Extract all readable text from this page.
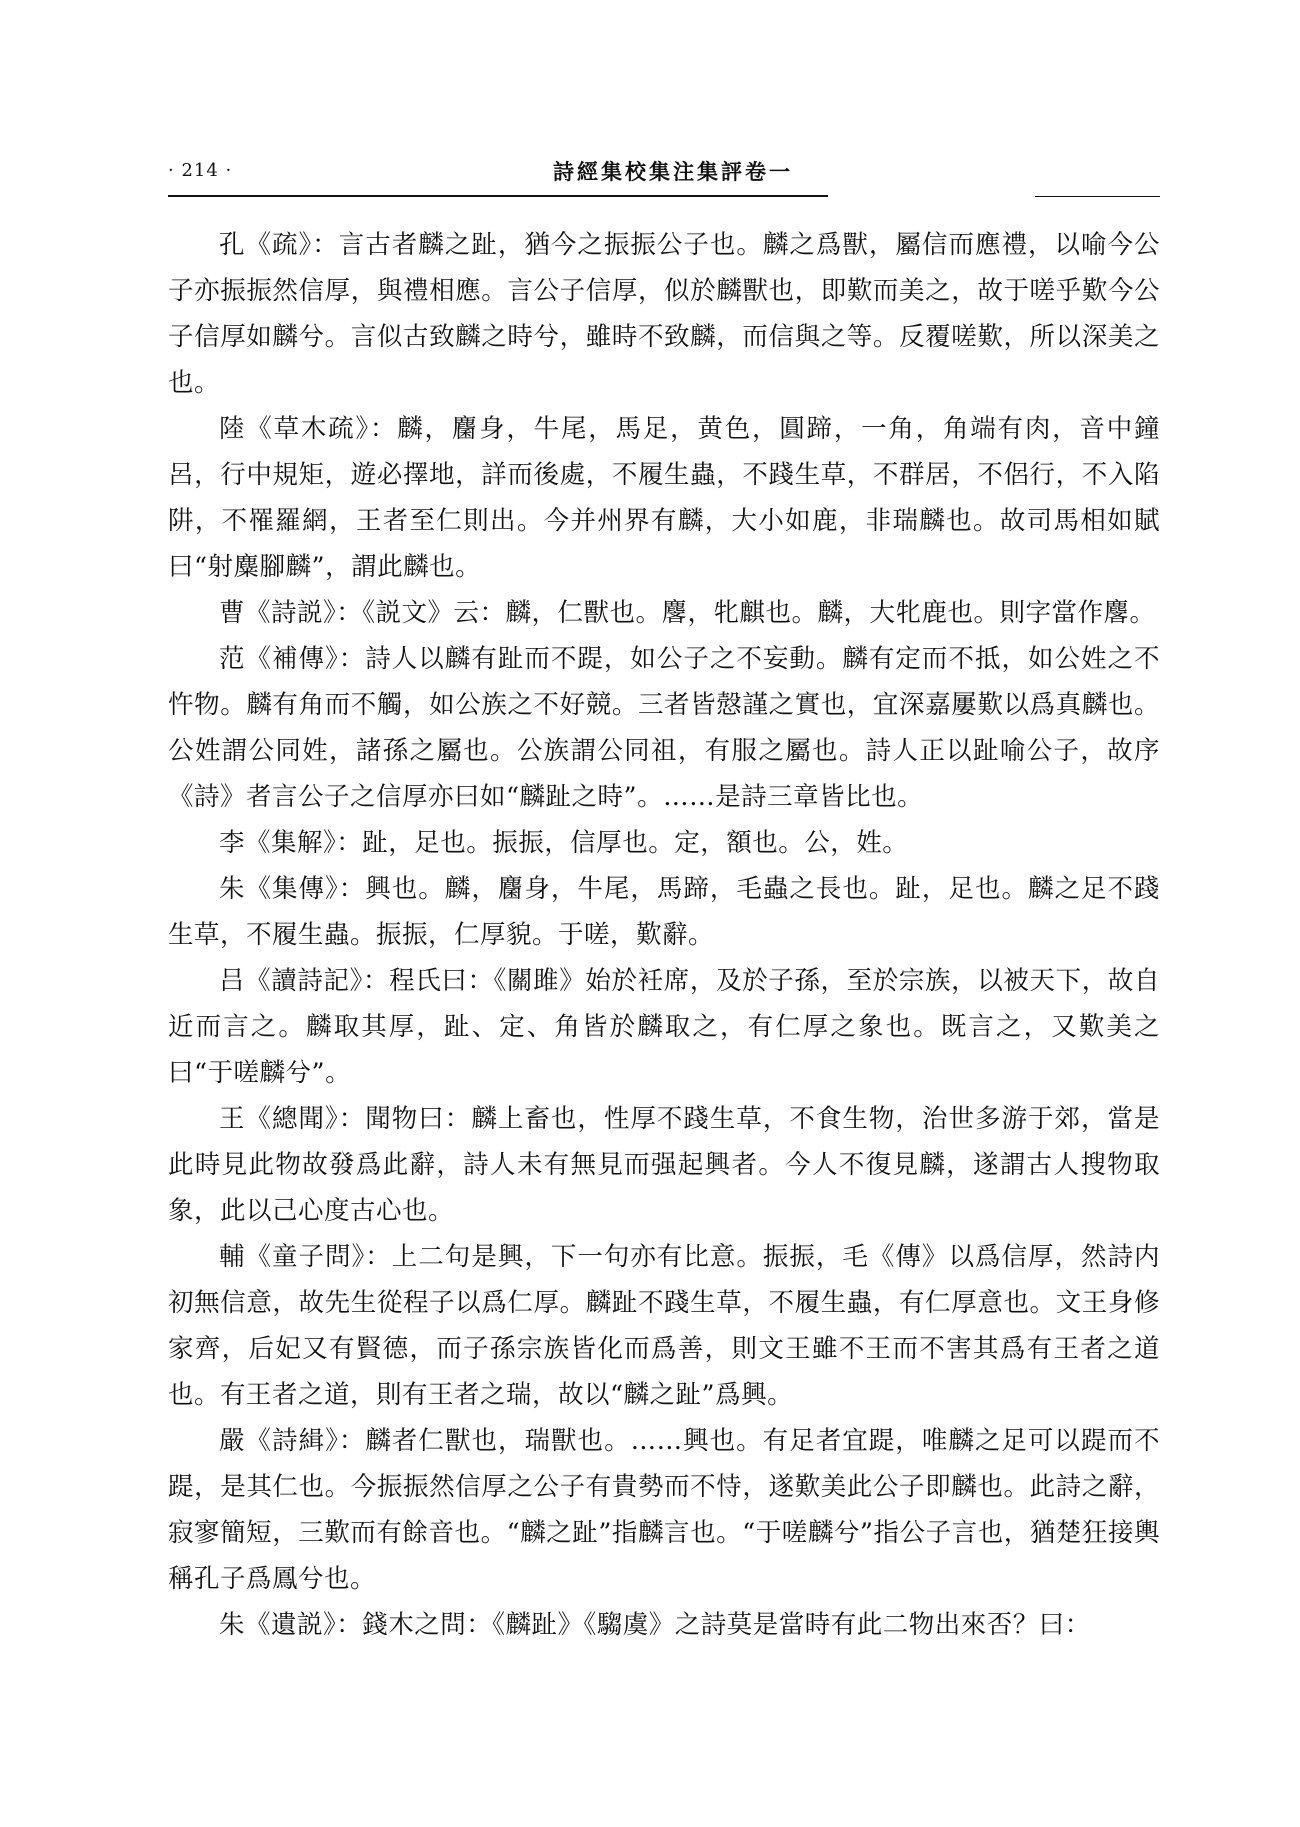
· 214 ·	詩經集校集注集評卷一

孔《疏》：言古者麟之趾，猶今之振振公子也。麟之爲獸，屬信而應禮，以喻今公子亦振振然信厚，與禮相應。言公子信厚，似於麟獸也，即歎而美之，故于嗟乎歎今公子信厚如麟兮。言似古致麟之時兮，雖時不致麟，而信與之等。反覆嗟歎，所以深美之也。

陸《草木疏》：麟，麕身，牛尾，馬足，黄色，圓蹄，一角，角端有肉，音中鐘呂，行中規矩，遊必擇地，詳而後處，不履生蟲，不踐生草，不群居，不侶行，不入陷阱，不罹羅網，王者至仁則出。今并州界有麟，大小如鹿，非瑞麟也。故司馬相如賦曰“射麋腳麟”，謂此麟也。

曹《詩説》：《説文》云：麟，仁獸也。麐，牝麒也。麟，大牝鹿也。則字當作麐。

范《補傳》：詩人以麟有趾而不踶，如公子之不妄動。麟有定而不抵，如公姓之不忤物。麟有角而不觸，如公族之不好競。三者皆慤謹之實也，宜深嘉屢歎以爲真麟也。公姓謂公同姓，諸孫之屬也。公族謂公同祖，有服之屬也。詩人正以趾喻公子，故序《詩》者言公子之信厚亦曰如“麟趾之時”。……是詩三章皆比也。

李《集解》：趾，足也。振振，信厚也。定，額也。公，姓。

朱《集傳》：興也。麟，麕身，牛尾，馬蹄，毛蟲之長也。趾，足也。麟之足不踐生草，不履生蟲。振振，仁厚貌。于嗟，歎辭。

吕《讀詩記》：程氏曰：《關雎》始於衽席，及於子孫，至於宗族，以被天下，故自近而言之。麟取其厚，趾、定、角皆於麟取之，有仁厚之象也。既言之，又歎美之曰“于嗟麟兮”。

王《總聞》：聞物曰：麟上畜也，性厚不踐生草，不食生物，治世多游于郊，當是此時見此物故發爲此辭，詩人未有無見而强起興者。今人不復見麟，遂謂古人搜物取象，此以己心度古心也。

輔《童子問》：上二句是興，下一句亦有比意。振振，毛《傳》以爲信厚，然詩内初無信意，故先生從程子以爲仁厚。麟趾不踐生草，不履生蟲，有仁厚意也。文王身修家齊，后妃又有賢德，而子孫宗族皆化而爲善，則文王雖不王而不害其爲有王者之道也。有王者之道，則有王者之瑞，故以“麟之趾”爲興。

嚴《詩緝》：麟者仁獸也，瑞獸也。……興也。有足者宜踶，唯麟之足可以踶而不踶，是其仁也。今振振然信厚之公子有貴勢而不恃，遂歎美此公子即麟也。此詩之辭，寂寥簡短，三歎而有餘音也。“麟之趾”指麟言也。“于嗟麟兮”指公子言也，猶楚狂接輿稱孔子爲鳳兮也。

朱《遺説》：錢木之問：《麟趾》《騶虞》之詩莫是當時有此二物出來否？曰：
